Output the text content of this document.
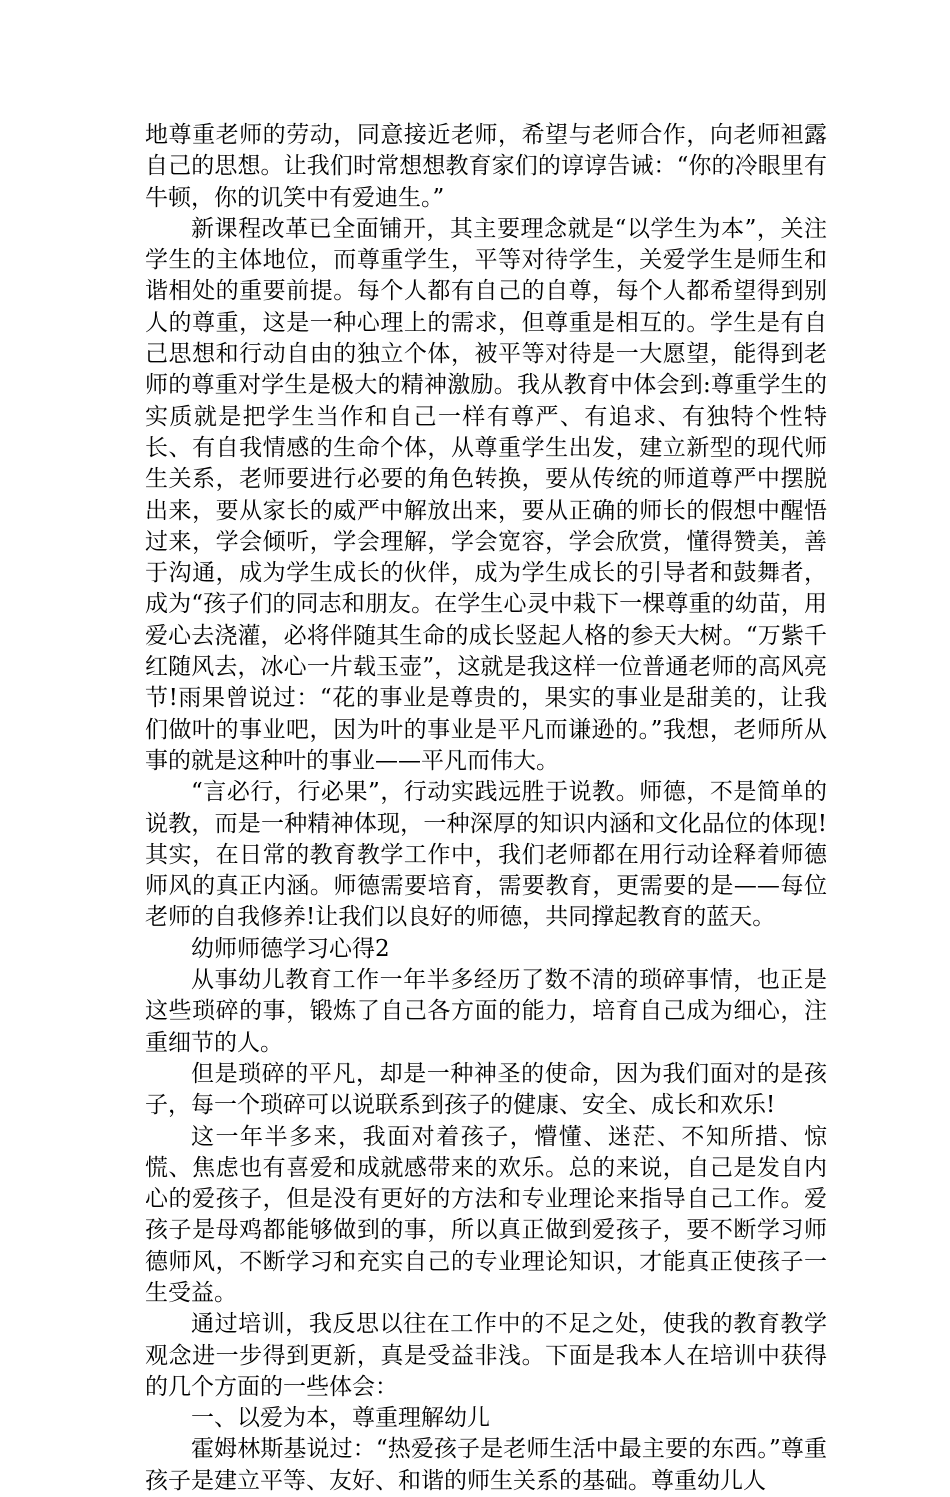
地尊重老师的劳动，同意接近老师，希望与老师合作，向老师袒露自己的思想。让我们时常想想教育家们的谆谆告诫：“你的冷眼里有牛顿，你的讥笑中有爱迪生。”

新课程改革已全面铺开，其主要理念就是“以学生为本”，关注学生的主体地位，而尊重学生，平等对待学生，关爱学生是师生和谐相处的重要前提。每个人都有自己的自尊，每个人都希望得到别人的尊重，这是一种心理上的需求，但尊重是相互的。学生是有自己思想和行动自由的独立个体，被平等对待是一大愿望，能得到老师的尊重对学生是极大的精神激励。我从教育中体会到:尊重学生的实质就是把学生当作和自己一样有尊严、有追求、有独特个性特长、有自我情感的生命个体，从尊重学生出发，建立新型的现代师生关系，老师要进行必要的角色转换，要从传统的师道尊严中摆脱出来，要从家长的威严中解放出来，要从正确的师长的假想中醒悟过来，学会倾听，学会理解，学会宽容，学会欣赏，懂得赞美，善于沟通，成为学生成长的伙伴，成为学生成长的引导者和鼓舞者，成为“孩子们的同志和朋友。在学生心灵中栽下一棵尊重的幼苗，用爱心去浇灌，必将伴随其生命的成长竖起人格的参天大树。“万紫千红随风去，冰心一片载玉壶”，这就是我这样一位普通老师的高风亮节!雨果曾说过：“花的事业是尊贵的，果实的事业是甜美的，让我们做叶的事业吧，因为叶的事业是平凡而谦逊的。”我想，老师所从事的就是这种叶的事业——平凡而伟大。

“言必行，行必果”，行动实践远胜于说教。师德，不是简单的说教，而是一种精神体现，一种深厚的知识内涵和文化品位的体现!其实，在日常的教育教学工作中，我们老师都在用行动诠释着师德师风的真正内涵。师德需要培育，需要教育，更需要的是——每位老师的自我修养!让我们以良好的师德，共同撑起教育的蓝天。

幼师师德学习心得2

从事幼儿教育工作一年半多经历了数不清的琐碎事情，也正是这些琐碎的事，锻炼了自己各方面的能力，培育自己成为细心，注重细节的人。

但是琐碎的平凡，却是一种神圣的使命，因为我们面对的是孩子，每一个琐碎可以说联系到孩子的健康、安全、成长和欢乐!

这一年半多来，我面对着孩子，懵懂、迷茫、不知所措、惊慌、焦虑也有喜爱和成就感带来的欢乐。总的来说，自己是发自内心的爱孩子，但是没有更好的方法和专业理论来指导自己工作。爱孩子是母鸡都能够做到的事，所以真正做到爱孩子，要不断学习师德师风，不断学习和充实自己的专业理论知识，才能真正使孩子一生受益。

通过培训，我反思以往在工作中的不足之处，使我的教育教学观念进一步得到更新，真是受益非浅。下面是我本人在培训中获得的几个方面的一些体会：

一、以爱为本，尊重理解幼儿

霍姆林斯基说过：“热爱孩子是老师生活中最主要的东西。”尊重孩子是建立平等、友好、和谐的师生关系的基础。尊重幼儿人
